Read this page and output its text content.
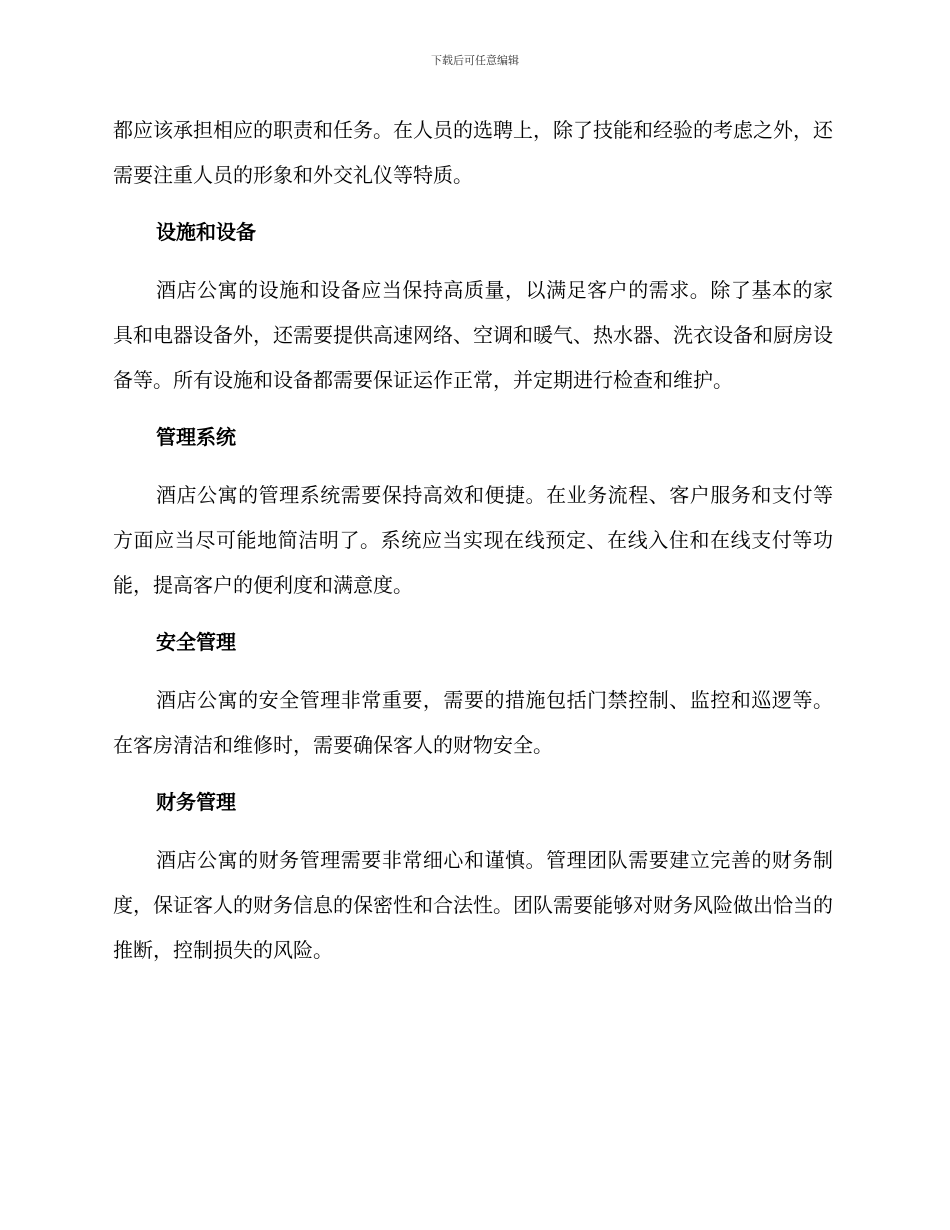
下载后可任意编辑

都应该承担相应的职责和任务。在人员的选聘上，除了技能和经验的考虑之外，还需要注重人员的形象和外交礼仪等特质。

设施和设备

酒店公寓的设施和设备应当保持高质量，以满足客户的需求。除了基本的家具和电器设备外，还需要提供高速网络、空调和暖气、热水器、洗衣设备和厨房设备等。所有设施和设备都需要保证运作正常，并定期进行检查和维护。

管理系统

酒店公寓的管理系统需要保持高效和便捷。在业务流程、客户服务和支付等方面应当尽可能地简洁明了。系统应当实现在线预定、在线入住和在线支付等功能，提高客户的便利度和满意度。

安全管理

酒店公寓的安全管理非常重要，需要的措施包括门禁控制、监控和巡逻等。在客房清洁和维修时，需要确保客人的财物安全。

财务管理

酒店公寓的财务管理需要非常细心和谨慎。管理团队需要建立完善的财务制度，保证客人的财务信息的保密性和合法性。团队需要能够对财务风险做出恰当的推断，控制损失的风险。
